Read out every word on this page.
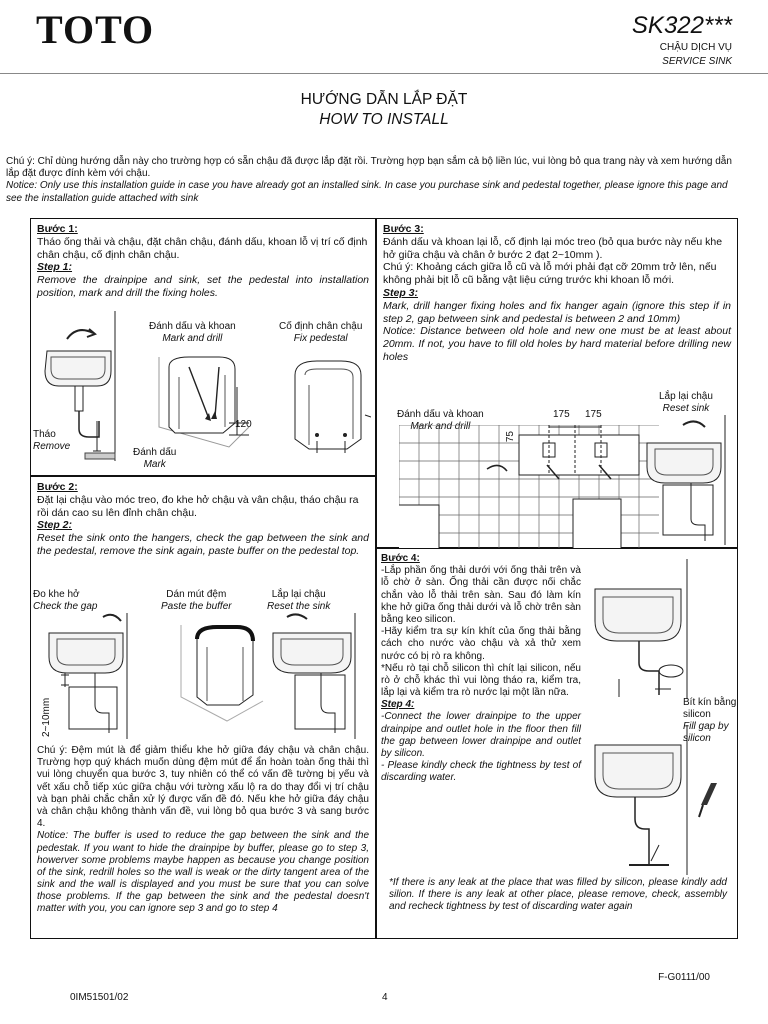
TOTO	SK322***
CHẬU DỊCH VỤ
SERVICE SINK
HƯỚNG DẪN LẮP ĐẶT
HOW TO INSTALL

Chú ý: Chỉ dùng hướng dẫn này cho trường hợp có sẵn chậu đã được lắp đặt rồi. Trường hợp bạn sắm cả bộ liền lúc, vui lòng bỏ qua trang này và xem hướng dẫn lắp đặt được đính kèm với chậu.

Notice: Only use this installation guide in case you have already got an installed sink. In case you purchase sink and pedestal together, please ignore this page and see the installation guide attached with sink

Bước 1:
Tháo ống thải và chậu, đặt chân chậu, đánh dấu, khoan lỗ vị trí cố định chân chậu, cố định chân chậu.
Step 1:
Remove the drainpipe and sink, set the pedestal into installation position, mark and drill the fixing holes.
Tháo
Remove
Đánh dấu và khoan
Mark and drill
120
Đánh dấu
Mark
Cố định chân chậu
Fix pedestal
Bước 2:
Đặt lại chậu vào móc treo, đo khe hở chậu và vân chậu, tháo chậu ra rồi dán cao su lên đỉnh chân chậu.
Step 2:
Reset the sink onto the hangers, check the gap between the sink and the pedestal, remove the sink again, paste buffer on the pedestal top.
Đo khe hở
Check the gap
2~10mm
Dán mút đệm
Paste the buffer
Lắp lại chậu
Reset the sink

Chú ý: Đệm mút là để giảm thiểu khe hở giữa đáy chậu và chân chậu. Trường hợp quý khách muốn dùng đệm mút để ẩn hoàn toàn ống thải thì vui lòng chuyển qua bước 3, tuy nhiên có thể có vấn đề tường bị yếu và vết xấu chỗ tiếp xúc giữa chậu với tường xấu lộ ra do thay đổi vị trí chậu và bạn phải chắc chắn xử lý được vấn đề đó. Nếu khe hở giữa đáy chậu và chân chậu không thành vấn đề, vui lòng bỏ qua bước 3 và sang bước 4.

Notice: The buffer is used to reduce the gap between the sink and the pedestak. If you want to hide the drainpipe by buffer, please go to step 3, howerver some problems maybe happen as because you change position of the sink, redrill holes so the wall is weak or the dirty tangent area of the sink and the wall is displayed and you must be sure that you can solve those problems. If the gap between the sink and the pedestal doesn't matter with you, you can ignore sep 3 and go to step 4

Bước 3:
Đánh dấu và khoan lại lỗ, cố định lại móc treo (bỏ qua bước này nếu khe hở giữa chậu và chân ở bước 2 đạt 2~10mm ).
Chú ý: Khoảng cách giữa lỗ cũ và lỗ mới phải đạt cỡ 20mm trở lên, nếu không phải bịt lỗ cũ bằng vật liệu cứng trước khi khoan lỗ mới.
Step 3:
Mark, drill hanger fixing holes and fix hanger again (ignore this step if in step 2, gap between sink and pedestal is between 2 and 10mm)
Notice: Distance between old hole and new one must be at least about 20mm. If not, you have to fill old holes by hard material before drilling new holes
Đánh dấu và khoan
Mark and drill
175 175
75
Lắp lại chậu
Reset sink
Bước 4:
-Lắp phần ống thải dưới với ống thải trên và lỗ chờ ở sàn. Ống thải cần được nối chắc chắn vào lỗ thải trên sàn. Sau đó làm kín khe hở giữa ống thải dưới và lỗ chờ trên sàn bằng keo silicon.
-Hãy kiểm tra sự kín khít của ống thải bằng cách cho nước vào chậu và xả thử xem nước có bị rò ra không.
*Nếu rò tại chỗ silicon thì chít lại silicon, nếu rò ở chỗ khác thì vui lòng tháo ra, kiểm tra, lắp lại và kiểm tra rò nước lại một lần nữa.
Step 4:
-Connect the lower drainpipe to the upper drainpipe and outlet hole in the floor then fill the gap between lower drainpipe and outlet by silicon.
- Please kindly check the tightness by test of discarding water.
Bít kín bằng silicon
Fill gap by silicon
*If there is any leak at the place that was filled by silicon, please kindly add silion. If there is any leak at other place, please remove, check, assembly and recheck tightness by test of discarding water again
F-G0111/00
0IM51501/02	4
